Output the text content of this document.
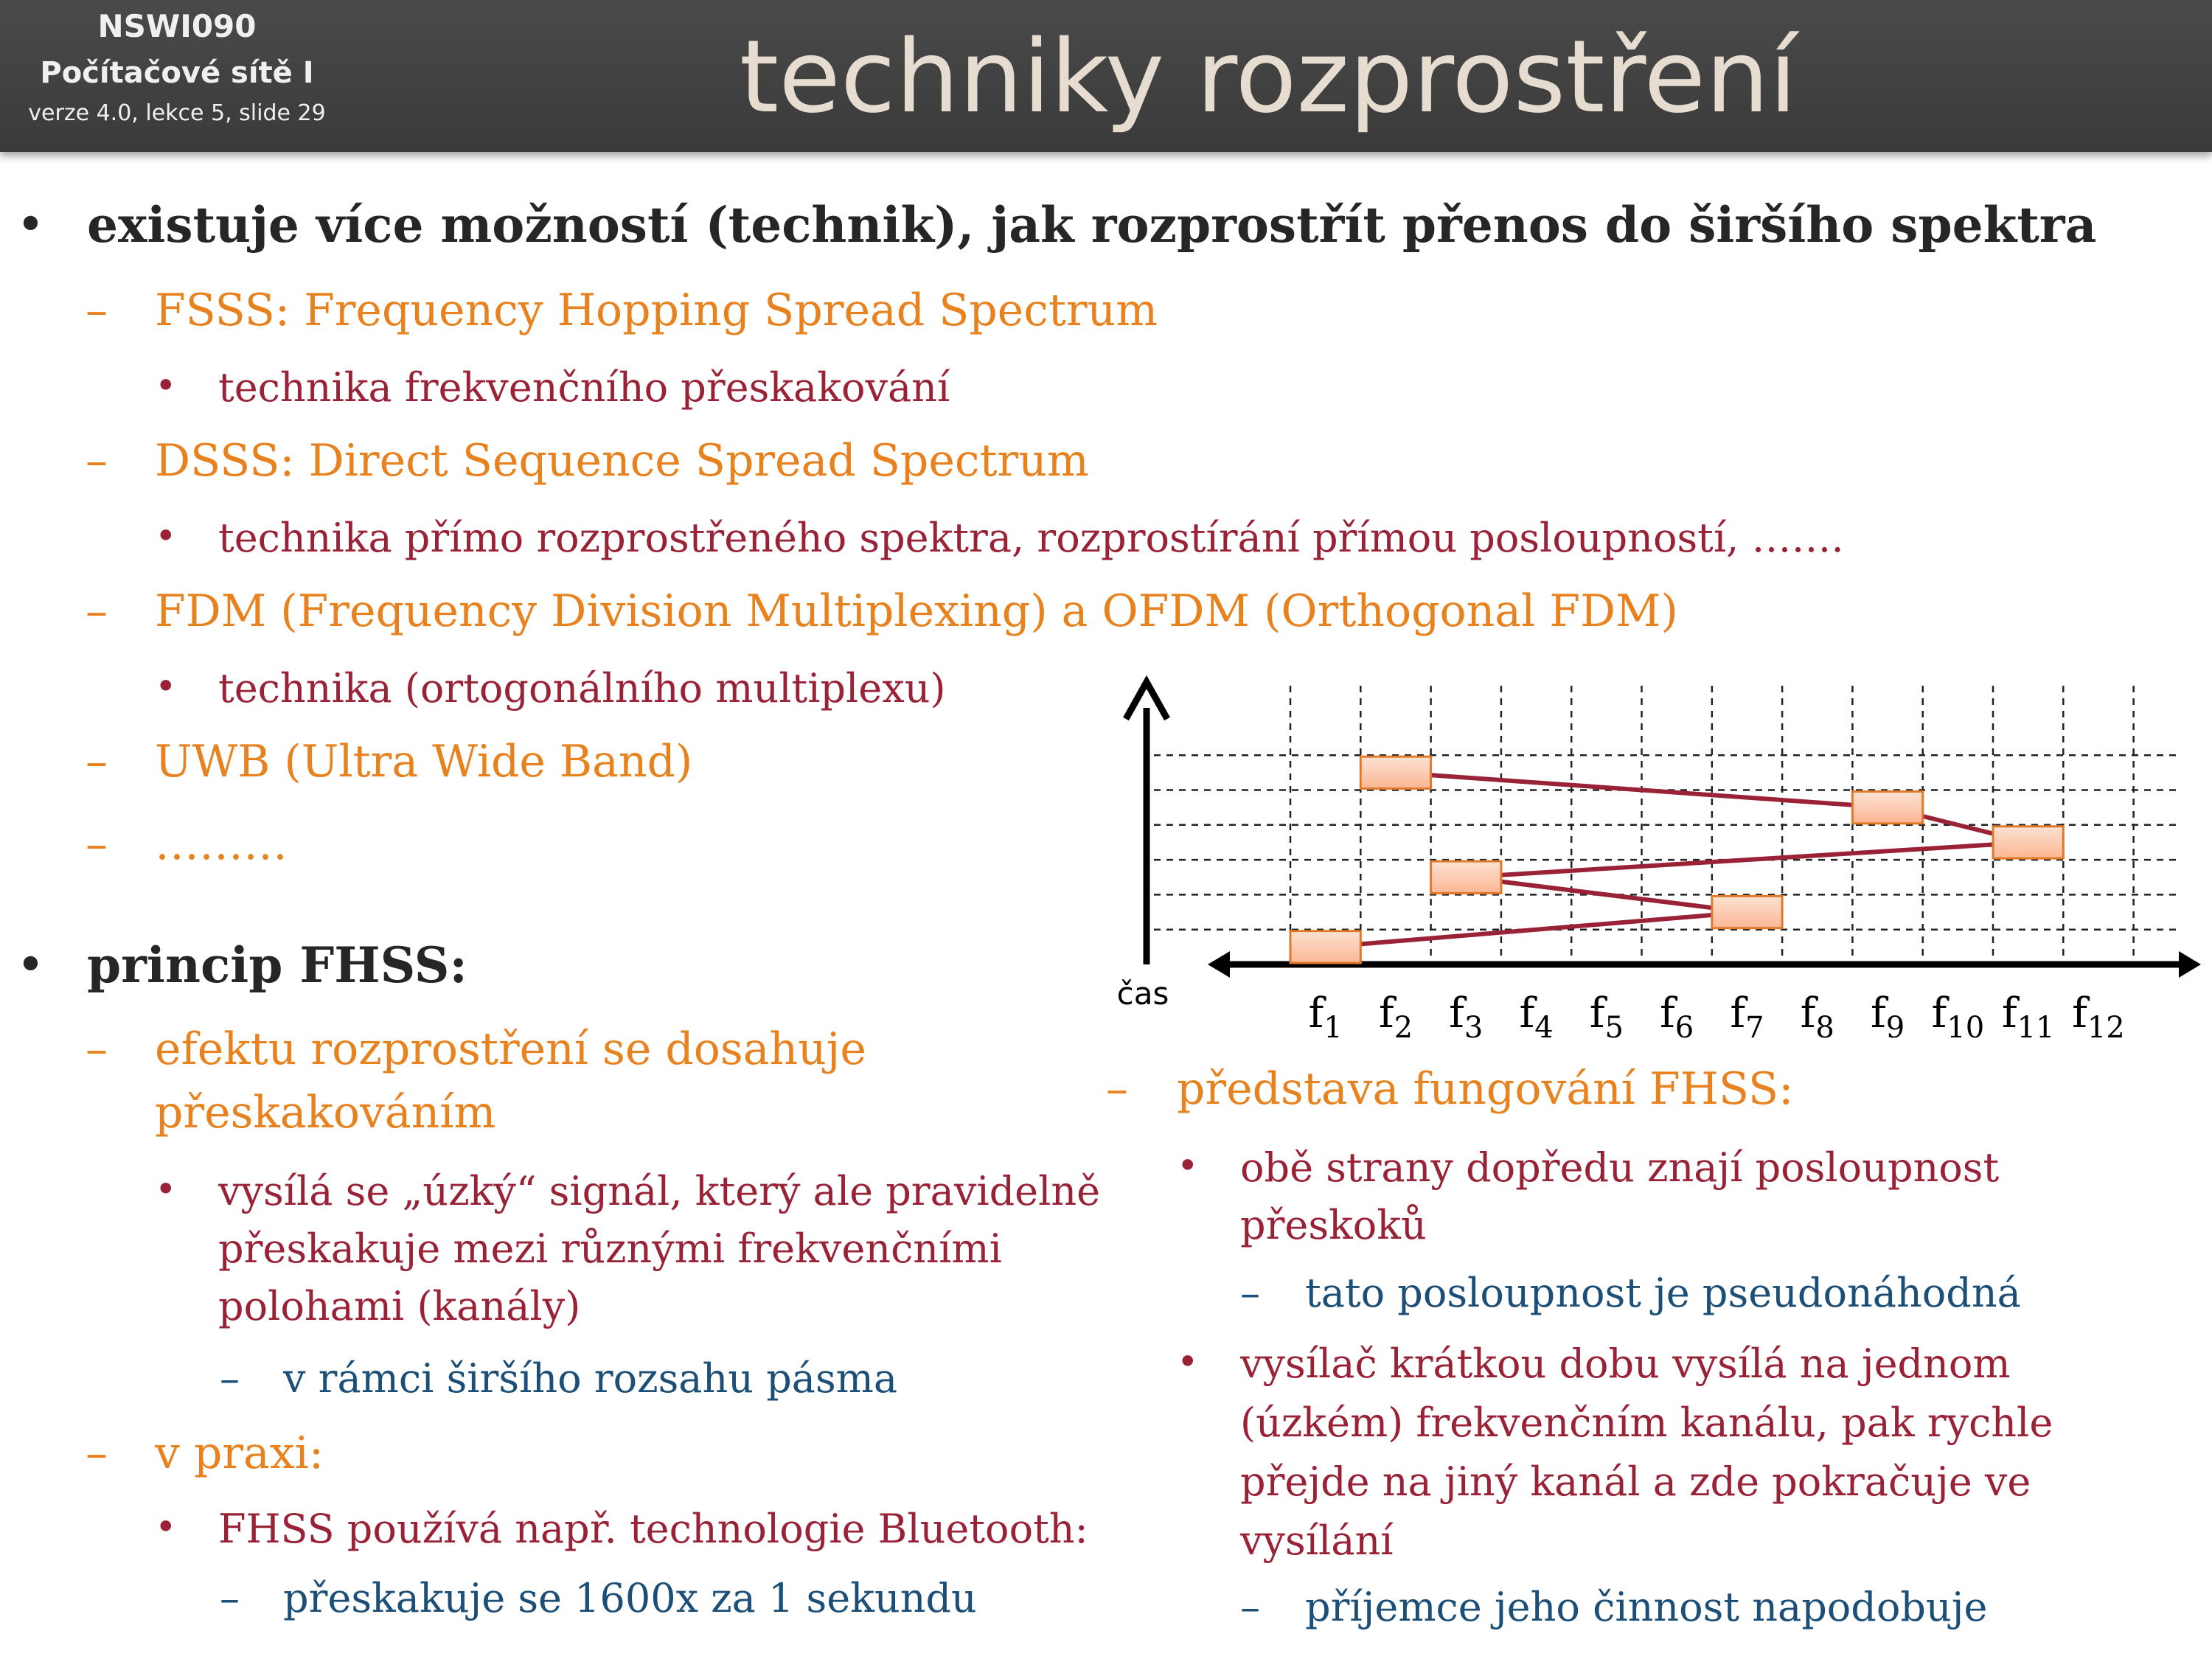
NSWI090
Počítačové sítě I
verze 4.0, lekce 5, slide 29	techniky rozprostření
• existuje více možností (technik), jak rozprostřít přenos do širšího spektra
– FSSS: Frequency Hopping Spread Spectrum
• technika frekvenčního přeskakování
– DSSS: Direct Sequence Spread Spectrum
• technika přímo rozprostřeného spektra, rozprostírání přímou posloupností, …….
– FDM (Frequency Division Multiplexing) a OFDM (Orthogonal FDM)
• technika (ortogonálního multiplexu)
– UWB (Ultra Wide Band)
– ………
• princip FHSS:
– efektu rozprostření se dosahuje
přeskakováním
• vysílá se „úzký“ signál, který ale pravidelně
přeskakuje mezi různými frekvenčními
polohami (kanály)
– v rámci širšího rozsahu pásma
– v praxi:
• FHSS používá např. technologie Bluetooth:
– přeskakuje se 1600x za 1 sekundu
– představa fungování FHSS:
• obě strany dopředu znají posloupnost
přeskoků
– tato posloupnost je pseudonáhodná
• vysílač krátkou dobu vysílá na jednom
(úzkém) frekvenčním kanálu, pak rychle
přejde na jiný kanál a zde pokračuje ve
vysílání
– příjemce jeho činnost napodobuje
čas	$f_1$ $f_2$ $f_3$ $f_4$ $f_5$ $f_6$ $f_7$ $f_8$ $f_9$ $f_{10}$ $f_{11}$ $f_{12}$
